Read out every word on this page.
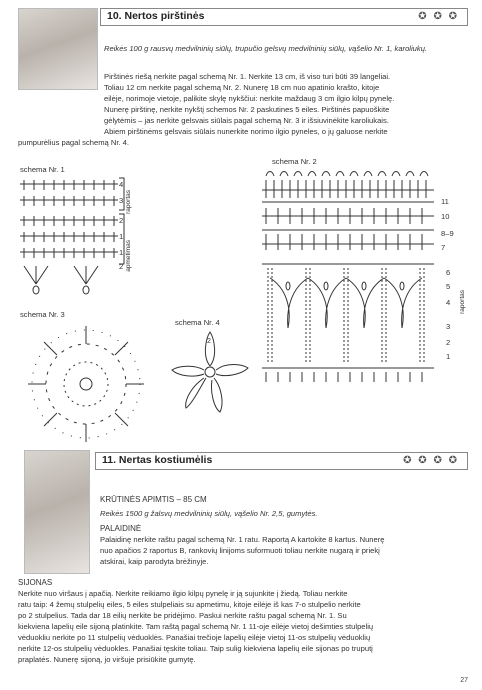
10. Nertos pirštinės	✪ ✪ ✪
Reikės 100 g rausvų medvilninių siūlų, trupučio gelsvų medvilninių siūlų, vąšelio Nr. 1, karoliukų.
Pirštinės riešą nerkite pagal schemą Nr. 1. Nerkite 13 cm, iš viso turi būti 39 langeliai.
Toliau 12 cm nerkite pagal schemą Nr. 2. Nunerę 18 cm nuo apatinio krašto, kitoje
eilėje, norimoje vietoje, palikite skylę nykščiui: nerkite maždaug 3 cm ilgio kilpų pynelę.
Nunerę pirštinę, nerkite nykštį schemos Nr. 2 paskutines 5 eiles. Pirštinės papuoškite
gėlytėmis – jas nerkite gelsvais siūlais pagal schemą Nr. 3 ir išsiuvinėkite karoliukais.
Abiem pirštinėms gelsvais siūlais nunerkite norimo ilgio pyneles, o jų galuose nerkite
pumpurėlius pagal schemą Nr. 4.
schema Nr. 1
schema Nr. 2
schema Nr. 3
schema Nr. 4
4
3
2
1
1
2
raportas
apmetimas
11
10
8–9
7
6
5
4
3
2
1
raportas
2
11. Nertas kostiumėlis	✪ ✪ ✪ ✪
KRŪTINĖS APIMTIS – 85 CM
Reikės 1500 g žalsvų medvilninių siūlų, vąšelio Nr. 2,5, gumytės.
PALAIDINĖ
Palaidinę nerkite raštu pagal schemą Nr. 1 ratu. Raportą A kartokite 8 kartus. Nunerę
nuo apačios 2 raportus B, rankovių linijoms suformuoti toliau nerkite nugarą ir priekį
atskirai, kaip parodyta brėžinyje.
SIJONAS
Nerkite nuo viršaus į apačią. Nerkite reikiamo ilgio kilpų pynelę ir ją sujunkite į žiedą. Toliau nerkite
ratu taip: 4 žemų stulpelių eiles, 5 eiles stulpeliais su apmetimu, kitoje eilėje iš kas 7-o stulpelio nerkite
po 2 stulpelius. Tada dar 18 eilių nerkite be pridėjimo. Paskui nerkite raštu pagal schemą Nr. 1. Su
kiekviena lapelių eile sijoną platinkite. Tam raštą pagal schemą Nr. 1 11-oje eilėje vietoj dešimties stulpelių
vėduokliu nerkite po 11 stulpelių vėduoklės. Panašiai trečioje lapelių eilėje vietoj 11-os stulpelių vėduoklių
nerkite 12-os stulpelių vėduokles. Panašiai tęskite toliau. Taip sulig kiekviena lapelių eile sijonas po truputį
praplatės. Nunerę sijoną, jo viršuje prisiūkite gumytę.
27
